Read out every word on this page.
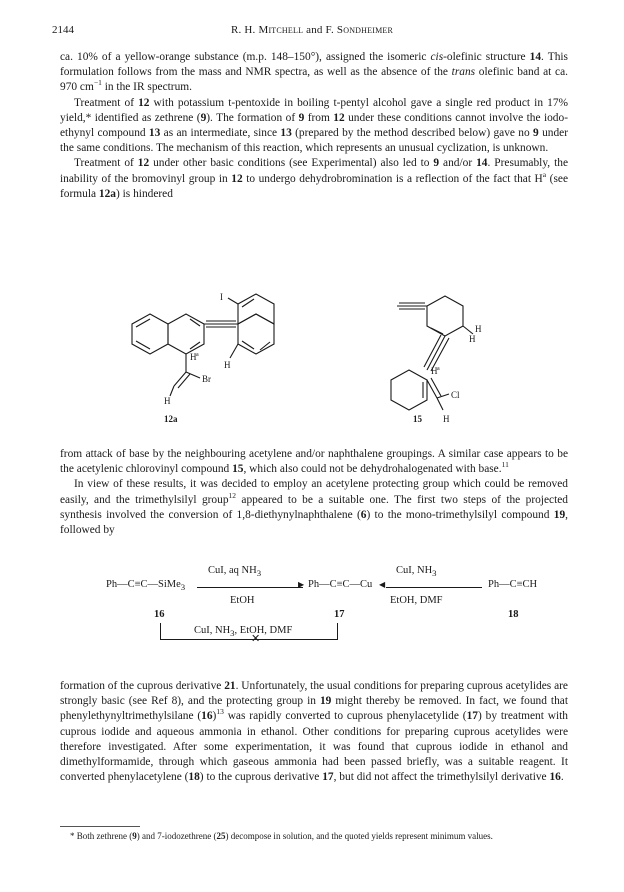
2144	R. H. Mitchell and F. Sondheimer

ca. 10% of a yellow-orange substance (m.p. 148–150°), assigned the isomeric cis-olefinic structure 14. This formulation follows from the mass and NMR spectra, as well as the absence of the trans olefinic band at ca. 970 $cm^{-1}$ in the IR spectrum.

Treatment of 12 with potassium t-pentoxide in boiling t-pentyl alcohol gave a single red product in 17% yield,* identified as zethrene (9). The formation of 9 from 12 under these conditions cannot involve the iodo-ethynyl compound 13 as an intermediate, since 13 (prepared by the method described below) gave no 9 under the same conditions. The mechanism of this reaction, which represents an unusual cyclization, is unknown.

Treatment of 12 under other basic conditions (see Experimental) also led to 9 and/or 14. Presumably, the inability of the bromovinyl group in 12 to undergo dehydrobromination is a reflection of the fact that $H^a$ (see formula 12a) is hindered

H
I
H a
Br
H
12a
H
H
H a
Cl
H
15

from attack of base by the neighbouring acetylene and/or naphthalene groupings. A similar case appears to be the acetylenic chlorovinyl compound 15, which also could not be dehydrohalogenated with base.$^{11}$

In view of these results, it was decided to employ an acetylene protecting group which could be removed easily, and the trimethylsilyl group$^{12}$ appeared to be a suitable one. The first two steps of the projected synthesis involved the conversion of 1,8-diethynylnaphthalene (6) to the mono-trimethylsilyl compound 19, followed by

CuI, aq $NH_3$
Ph—C≡C—SiMe$_3$	▶ Ph—C≡C—Cu ◀
CuI, $NH_3$
Ph—C≡CH
EtOH	EtOH, DMF
16	17	18
CuI, $NH_3$, EtOH, DMF
✕

formation of the cuprous derivative 21. Unfortunately, the usual conditions for preparing cuprous acetylides are strongly basic (see Ref 8), and the protecting group in 19 might thereby be removed. In fact, we found that phenylethynyltrimethylsilane $(16)^{13}$ was rapidly converted to cuprous phenylacetylide (17) by treatment with cuprous iodide and aqueous ammonia in ethanol. Other conditions for preparing cuprous acetylides were therefore investigated. After some experimentation, it was found that cuprous iodide in ethanol and dimethylformamide, through which gaseous ammonia had been passed briefly, was a suitable reagent. It converted phenylacetylene (18) to the cuprous derivative 17, but did not affect the trimethylsilyl derivative 16.

* Both zethrene (9) and 7-iodozethrene (25) decompose in solution, and the quoted yields represent minimum values.
